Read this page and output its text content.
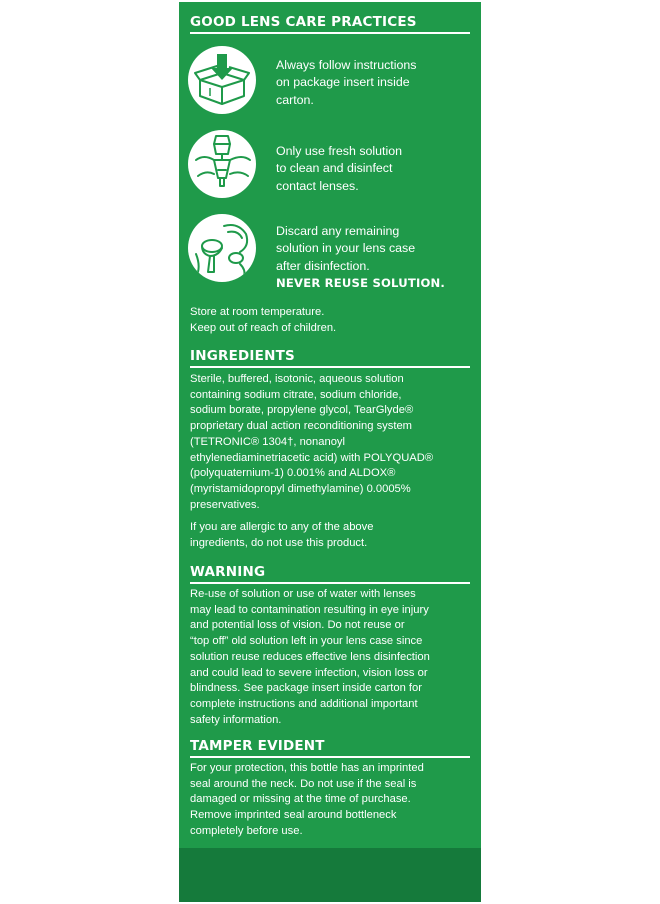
GOOD LENS CARE PRACTICES
Always follow instructions
on package insert inside
carton.
Only use fresh solution
to clean and disinfect
contact lenses.
Discard any remaining
solution in your lens case
after disinfection.
NEVER REUSE SOLUTION.
Store at room temperature.
Keep out of reach of children.
INGREDIENTS
Sterile, buffered, isotonic, aqueous solution
containing sodium citrate, sodium chloride,
sodium borate, propylene glycol, TearGlyde®
proprietary dual action reconditioning system
(TETRONIC® 1304†, nonanoyl
ethylenediaminetriacetic acid) with POLYQUAD®
(polyquaternium-1) 0.001% and ALDOX®
(myristamidopropyl dimethylamine) 0.0005%
preservatives.
If you are allergic to any of the above
ingredients, do not use this product.
WARNING
Re-use of solution or use of water with lenses
may lead to contamination resulting in eye injury
and potential loss of vision. Do not reuse or
“top off” old solution left in your lens case since
solution reuse reduces effective lens disinfection
and could lead to severe infection, vision loss or
blindness. See package insert inside carton for
complete instructions and additional important
safety information.
TAMPER EVIDENT
For your protection, this bottle has an imprinted
seal around the neck. Do not use if the seal is
damaged or missing at the time of purchase.
Remove imprinted seal around bottleneck
completely before use.
